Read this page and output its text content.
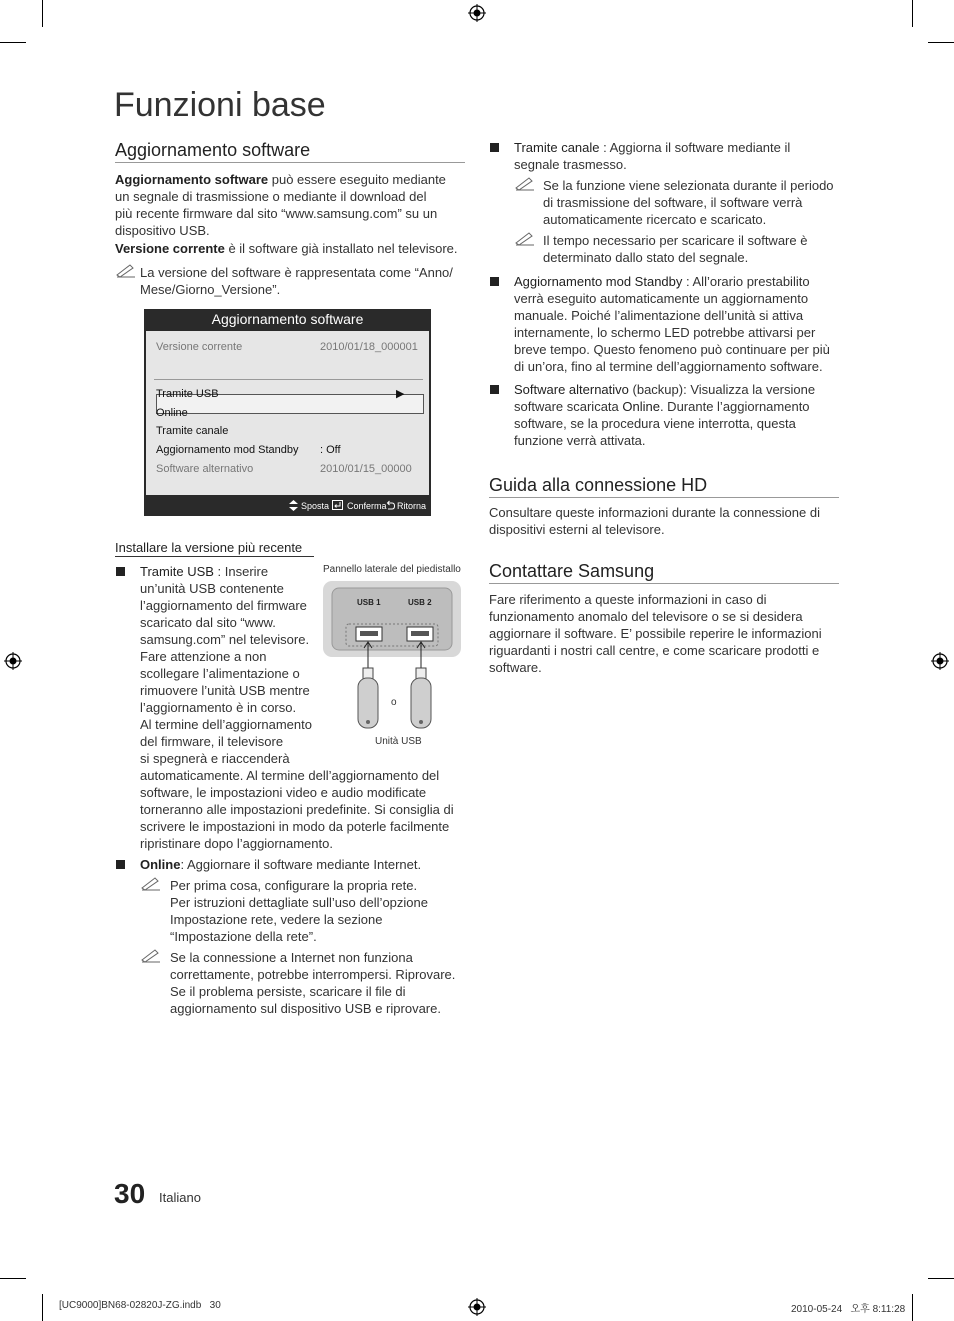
Funzioni base
Aggiornamento software

Aggiornamento software può essere eseguito mediante

un segnale di trasmissione o mediante il download del

più recente firmware dal sito “www.samsung.com” su un

dispositivo USB.

Versione corrente è il software già installato nel televisore.

La versione del software è rappresentata come “Anno/

Mese/Giorno_Versione”.

Aggiornamento software
Versione corrente	2010/01/18_000001
Tramite USB	▶
Online
Tramite canale
Aggiornamento mod Standby : Off
Software alternativo	2010/01/15_00000
Sposta Conferma Ritorna
Installare la versione più recente

Tramite USB : Inserire

un’unità USB contenente

l’aggiornamento del firmware

scaricato dal sito “www.

samsung.com” nel televisore.

Fare attenzione a non

scollegare l’alimentazione o

rimuovere l’unità USB mentre

l’aggiornamento è in corso.

Al termine dell’aggiornamento

del firmware, il televisore

si spegnerà e riaccenderà

automaticamente. Al termine dell’aggiornamento del

software, le impostazioni video e audio modificate

torneranno alle impostazioni predefinite. Si consiglia di

scrivere le impostazioni in modo da poterle facilmente

ripristinare dopo l’aggiornamento.

Pannello laterale del piedistallo
USB 1	USB 2
o
Unità USB

Online: Aggiornare il software mediante Internet.

Per prima cosa, configurare la propria rete.

Per istruzioni dettagliate sull’uso dell’opzione

Impostazione rete, vedere la sezione

“Impostazione della rete”.

Se la connessione a Internet non funziona

correttamente, potrebbe interrompersi. Riprovare.

Se il problema persiste, scaricare il file di

aggiornamento sul dispositivo USB e riprovare.

Tramite canale : Aggiorna il software mediante il

segnale trasmesso.

Se la funzione viene selezionata durante il periodo

di trasmissione del software, il software verrà

automaticamente ricercato e scaricato.

Il tempo necessario per scaricare il software è

determinato dallo stato del segnale.

Aggiornamento mod Standby : All’orario prestabilito

verrà eseguito automaticamente un aggiornamento

manuale. Poiché l’alimentazione dell’unità si attiva

internamente, lo schermo LED potrebbe attivarsi per

breve tempo. Questo fenomeno può continuare per più

di un’ora, fino al termine dell’aggiornamento software.

Software alternativo (backup): Visualizza la versione

software scaricata Online. Durante l’aggiornamento

software, se la procedura viene interrotta, questa

funzione verrà attivata.

Guida alla connessione HD

Consultare queste informazioni durante la connessione di

dispositivi esterni al televisore.

Contattare Samsung

Fare riferimento a queste informazioni in caso di

funzionamento anomalo del televisore o se si desidera

aggiornare il software. E’ possibile reperire le informazioni

riguardanti i nostri call centre, e come scaricare prodotti e

software.

30 Italiano
[UC9000]BN68-02820J-ZG.indb   30	2010-05-24   오후 8:11:28
